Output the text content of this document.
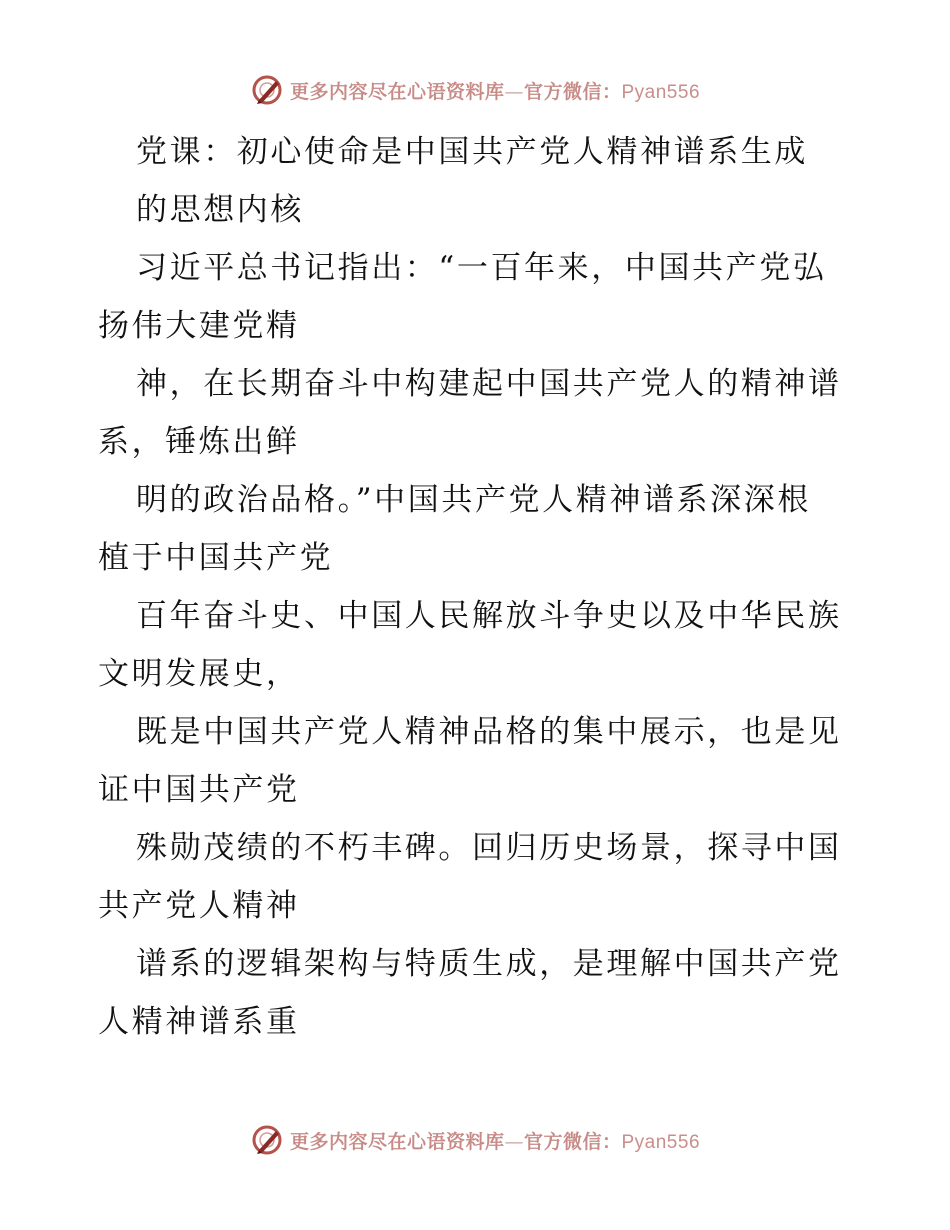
更多内容尽在心语资料库—官方微信：Pyan556
党课：初心使命是中国共产党人精神谱系生成
的思想内核
习近平总书记指出：“一百年来，中国共产党弘
扬伟大建党精
神，在长期奋斗中构建起中国共产党人的精神谱
系，锤炼出鲜
明的政治品格。”中国共产党人精神谱系深深根
植于中国共产党
百年奋斗史、中国人民解放斗争史以及中华民族
文明发展史，
既是中国共产党人精神品格的集中展示，也是见
证中国共产党
殊勋茂绩的不朽丰碑。回归历史场景，探寻中国
共产党人精神
谱系的逻辑架构与特质生成，是理解中国共产党
人精神谱系重
更多内容尽在心语资料库—官方微信：Pyan556
